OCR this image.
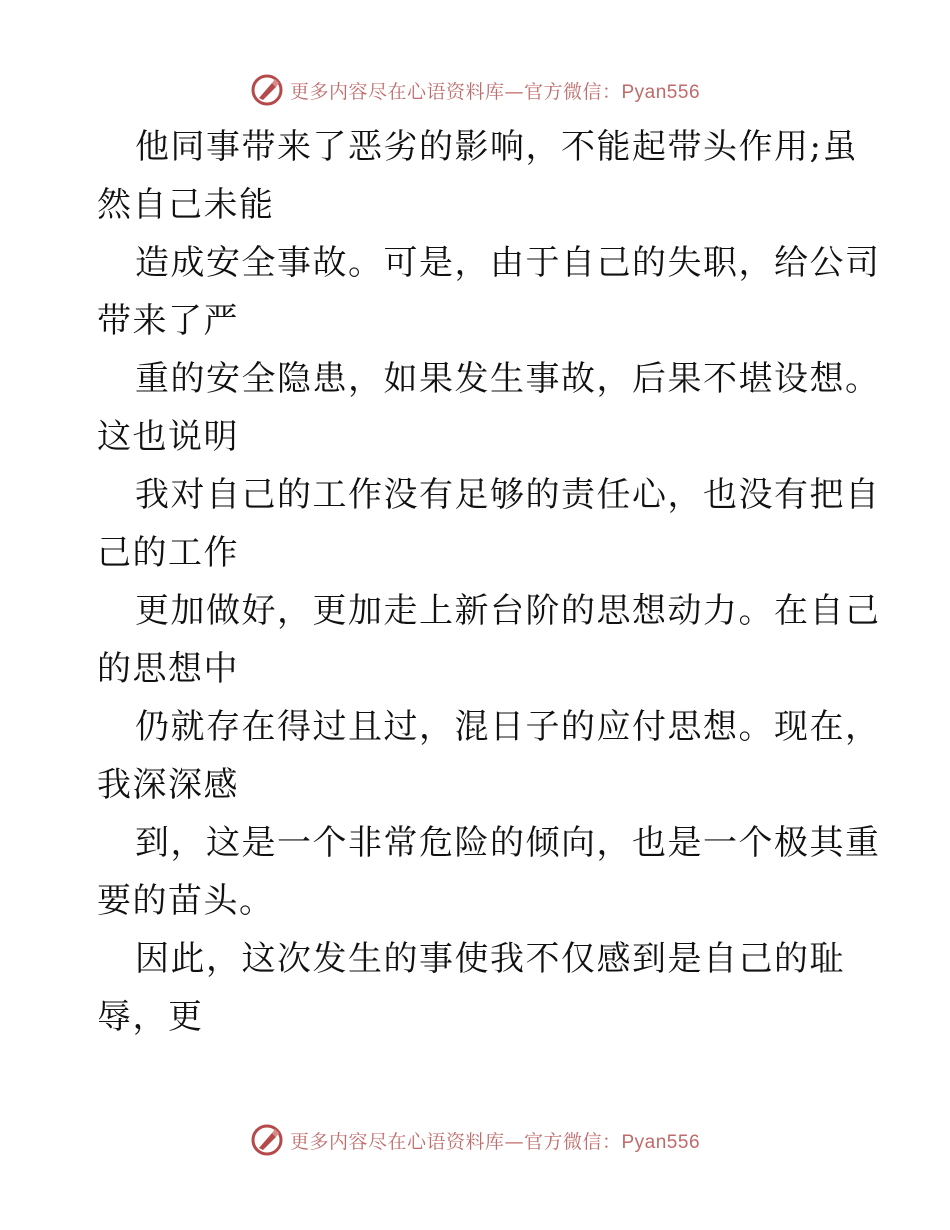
更多内容尽在心语资料库—官方微信：Pyan556

他同事带来了恶劣的影响，不能起带头作用;虽
然自己未能

造成安全事故。可是，由于自己的失职，给公司
带来了严

重的安全隐患，如果发生事故，后果不堪设想。
这也说明

我对自己的工作没有足够的责任心，也没有把自
己的工作

更加做好，更加走上新台阶的思想动力。在自己
的思想中

仍就存在得过且过，混日子的应付思想。现在，
我深深感

到，这是一个非常危险的倾向，也是一个极其重
要的苗头。

因此，这次发生的事使我不仅感到是自己的耻
辱，更

更多内容尽在心语资料库—官方微信：Pyan556
